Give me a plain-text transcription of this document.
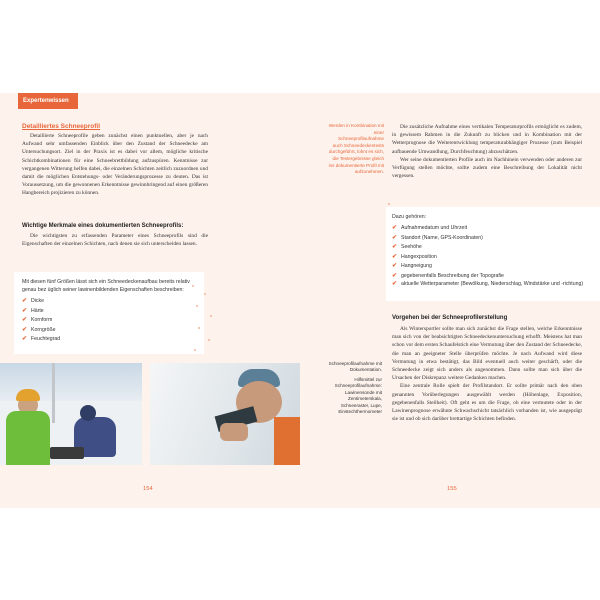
Expertenwissen
Detailliertes Schneeprofil

Detaillierte Schneeprofile geben zunächst einen punktuellen, aber je nach Aufwand sehr umfassenden Einblick über den Zustand der Schneedecke am Untersuchungsort. Ziel in der Praxis ist es dabei vor allem, mögliche kritische Schichtkombinationen für eine Schneebrettbildung aufzuspüren. Kenntnisse zur vergangenen Witterung helfen dabei, die einzelnen Schichten zeitlich zuzuordnen und damit die möglichen Entstehungs- oder Veränderungsprozesse zu deuten. Das ist Voraussetzung, um die gewonnenen Erkenntnisse gewinnbringend auf einen größeren Hangbereich projizieren zu können.

Wichtige Merkmale eines dokumentierten Schneeprofils:

Die wichtigsten zu erfassenden Parameter eines Schneeprofils sind die Eigenschaften der einzelnen Schichten, nach denen sie sich unterscheiden lassen.

Mit diesen fünf Größen lässt sich ein Schneedeckenaufbau bereits relativ genau bez üglich seiner lawinenbildenden Eigenschaften beschreiben:
✔ Dicke
✔ Härte
✔ Kornform
✔ Korngröße
✔ Feuchtegrad
154
Werden in Kombination mit einer Schneeprofilaufnahme auch Schneedeckentests durchgeführt, lohnt es sich, die Testergebnisse gleich ins dokumentierte Profil mit aufzunehmen.

Die zusätzliche Aufnahme eines vertikalen Temperaturprofils ermöglicht es zudem, in gewissem Rahmen in die Zukunft zu blicken und in Kombination mit der Wetterprognose die Weiterentwicklung temperaturabhängiger Prozesse (zum Beispiel aufbauende Umwandlung, Durchfeuchtung) abzuschätzen.

Wer seine dokumentierten Profile auch im Nachhinein verwenden oder anderen zur Verfügung stellen möchte, sollte zudem eine Beschreibung der Lokalität nicht vergessen.

Dazu gehören:
✔ Aufnahmedatum und Uhrzeit
✔ Standort (Name, GPS-Koordinaten)
✔ Seehöhe
✔ Hangexposition
✔ Hangneigung
✔ gegebenenfalls Beschreibung der Topografie
✔ aktuelle Wetterparameter (Bewölkung, Niederschlag, Windstärke und -richtung)
Vorgehen bei der Schneeprofilerstellung

Als Wintersportler sollte man sich zunächst die Frage stellen, welche Erkenntnisse man sich von der beabsichtigten Schneedeckenuntersuchung erhofft. Meistens hat man schon vor dem ersten Schaufelstich eine Vermutung über den Zustand der Schneedecke, die man an geeigneter Stelle überprüfen möchte. Je nach Aufwand wird diese Vermutung in etwa bestätigt, das Bild eventuell auch weiter geschärft, oder die Schneedecke zeigt sich anders als angenommen. Dann sollte man sich über die Ursachen der Diskrepanz weitere Gedanken machen.

Eine zentrale Rolle spielt der Profilstandort. Er sollte primär nach den oben genannten Vorüberlegungen ausgewählt werden (Höhenlage, Exposition, gegebenenfalls Steilheit). Oft geht es um die Frage, ob eine vermutete oder in der Lawinenprognose erwähnte Schwachschicht tatsächlich vorhanden ist, wie ausgeprägt sie ist und ob sich darüber brettartige Schichten befinden.

Schneeprofilaufnahme mit Dokumentation.
Hilfsmittel zur Schneeprofilaufnahme: Lawinensonde mit Zentimeterskala, Schneeraster, Lupe, Einstechthermometer
155
